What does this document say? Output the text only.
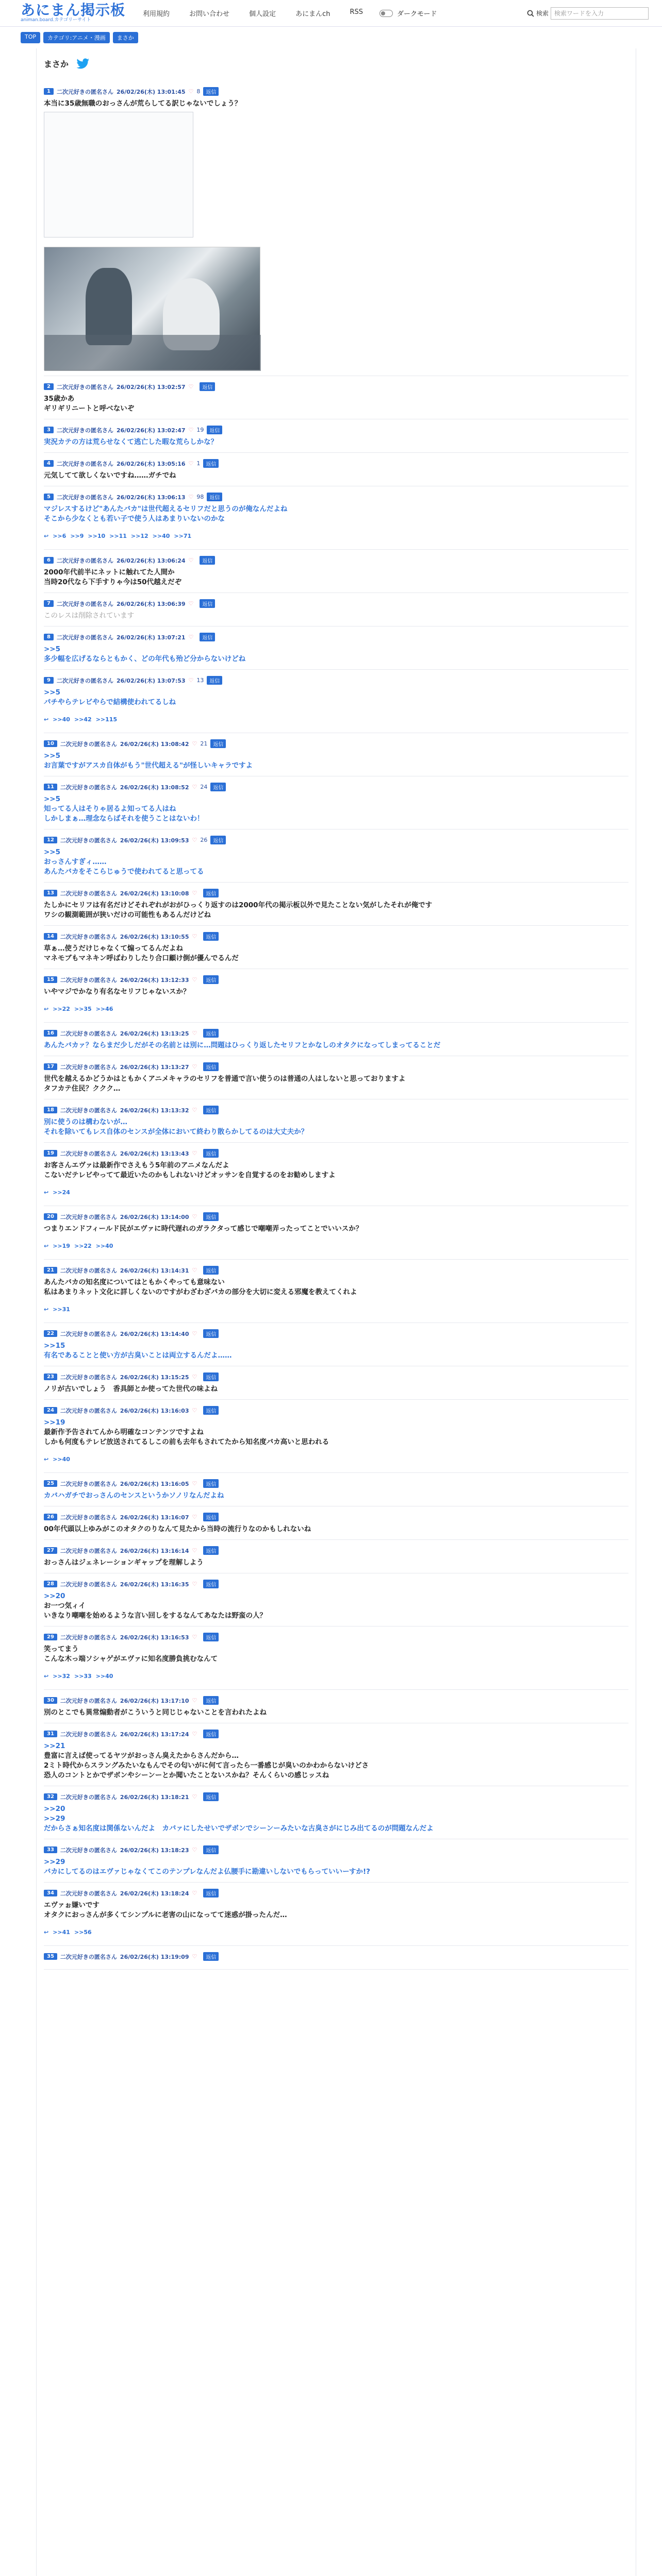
あにまん掲示板
animan.board.カテゴリーサイト
利用規約	お問い合わせ	個人設定	あにまんch	RSS	ダークモード	検索 検索ワードを入力
TOP	カテゴリ:アニメ・漫画	まさか
まさか
1	二次元好きの匿名さん 26/02/26(木) 13:01:45 ♡ 8	返信
本当に35歳無職のおっさんが荒らしてる訳じゃないでしょう？

2	二次元好きの匿名さん 26/02/26(木) 13:02:57 ♡	返信
35歳かあ
ギリギリニートと呼べないぞ
3	二次元好きの匿名さん 26/02/26(木) 13:02:47 ♡ 19	返信
実況カテの方は荒らせなくて逃亡した暇な荒らしかな？
4	二次元好きの匿名さん 26/02/26(木) 13:05:16 ♡ 1	返信
元気してて欲しくないですね……ガチでね
5	二次元好きの匿名さん 26/02/26(木) 13:06:13 ♡ 98	返信
マジレスするけど"あんたバカ"は世代超えるセリフだと思うのが俺なんだよね
そこから少なくとも若い子で使う人はあまりいないのかな
↩ >>6 >>9 >>10 >>11 >>12 >>40 >>71
6	二次元好きの匿名さん 26/02/26(木) 13:06:24 ♡	返信
2000年代前半にネットに触れてた人間か
当時20代なら下手すりゃ今は50代越えだぞ
7	二次元好きの匿名さん 26/02/26(木) 13:06:39 ♡	返信
このレスは削除されています
8	二次元好きの匿名さん 26/02/26(木) 13:07:21 ♡	返信
>>5
多少幅を広げるならともかく、どの年代も殆ど分からないけどね
9	二次元好きの匿名さん 26/02/26(木) 13:07:53 ♡ 13	返信
>>5
パチやらテレビやらで結構使われてるしね
↩ >>40 >>42 >>115
10	二次元好きの匿名さん 26/02/26(木) 13:08:42 ♡ 21	返信
>>5
お言葉ですがアスカ自体がもう"世代超える"が怪しいキャラですよ
11	二次元好きの匿名さん 26/02/26(木) 13:08:52 ♡ 24	返信
>>5
知ってる人はそりゃ居るよ知ってる人はね
しかしまぁ…理念ならばそれを使うことはないわ！
12	二次元好きの匿名さん 26/02/26(木) 13:09:53 ♡ 26	返信
>>5
おっさんすぎィ……
あんたバカをそこらじゅうで使われてると思ってる
13	二次元好きの匿名さん 26/02/26(木) 13:10:08 ♡	返信
たしかにセリフは有名だけどそれぞれがおがひっくり返すのは2000年代の掲示板以外で見たことない気がしたそれが俺です
ワシの観測範囲が狭いだけの可能性もあるんだけどね
14	二次元好きの匿名さん 26/02/26(木) 13:10:55 ♡	返信
草ぁ…使うだけじゃなくて煽ってるんだよね
マネモブもマネキン呼ばわりしたり合口顧け倒が優んでるんだ
15	二次元好きの匿名さん 26/02/26(木) 13:12:33 ♡	返信
いやマジでかなり有名なセリフじゃないスか？
↩ >>22 >>35 >>46
16	二次元好きの匿名さん 26/02/26(木) 13:13:25 ♡	返信
あんたバカァ？ならまだ少しだがその名前とは別に…問題はひっくり返したセリフとかなしのオタクになってしまってることだ
17	二次元好きの匿名さん 26/02/26(木) 13:13:27 ♡	返信
世代を越えるかどうかはともかくアニメキャラのセリフを普通で言い使うのは普通の人はしないと思っておりますよ
タフカテ住民？ククク…
18	二次元好きの匿名さん 26/02/26(木) 13:13:32 ♡	返信
別に使うのは構わないが…
それを除いてもレス自体のセンスが全体において終わり散らかしてるのは大丈夫か？
19	二次元好きの匿名さん 26/02/26(木) 13:13:43 ♡	返信
お客さんエヴァは最新作でさえもう5年前のアニメなんだよ
こないだテレビやってて最近いたのかもしれないけどオッサンを自覚するのをお勧めしますよ
↩ >>24
20	二次元好きの匿名さん 26/02/26(木) 13:14:00 ♡	返信
つまりエンドフィールド民がエヴァに時代遅れのガラクタって感じで嘲嘲弄ったってことでいいスか？
↩ >>19 >>22 >>40
21	二次元好きの匿名さん 26/02/26(木) 13:14:31 ♡	返信
あんたバカの知名度についてはともかくやっても意味ない
私はあまりネット文化に詳しくないのですがわざわざバカの部分を大切に変える邪魔を教えてくれよ
↩ >>31
22	二次元好きの匿名さん 26/02/26(木) 13:14:40 ♡	返信
>>15
有名であることと使い方が古臭いことは両立するんだよ……
23	二次元好きの匿名さん 26/02/26(木) 13:15:25 ♡	返信
ノリが古いでしょう　香具師とか使ってた世代の味よね
24	二次元好きの匿名さん 26/02/26(木) 13:16:03 ♡	返信
>>19
最新作予告されてんから明確なコンテンツですよね
しかも何度もテレビ放送されてるしこの前も去年もされてたから知名度バカ高いと思われる
↩ >>40
25	二次元好きの匿名さん 26/02/26(木) 13:16:05 ♡	返信
カバハガチでおっさんのセンスというかソノリなんだよね
26	二次元好きの匿名さん 26/02/26(木) 13:16:07 ♡	返信
00年代頭以上ゆみがこのオタクのりなんて見たから当時の流行りなのかもしれないね
27	二次元好きの匿名さん 26/02/26(木) 13:16:14 ♡	返信
おっさんはジェネレーションギャップを理解しよう
28	二次元好きの匿名さん 26/02/26(木) 13:16:35 ♡	返信
>>20
お一つ気ィイ
いきなり嘲嘲を始めるような言い回しをするなんてあなたは野蛮の人？
29	二次元好きの匿名さん 26/02/26(木) 13:16:53 ♡	返信
笑ってまう
こんな木っ端ソシャゲがエヴァに知名度勝負挑むなんて
↩ >>32 >>33 >>40
30	二次元好きの匿名さん 26/02/26(木) 13:17:10 ♡	返信
別のとこでも異常煽動者がこういうと同じじゃないことを言われたよね
31	二次元好きの匿名さん 26/02/26(木) 13:17:24 ♡	返信
>>21
豊富に言えば使ってるヤツがおっさん臭えたからさんだから…
2ミト時代からスラングみたいなもんでその匂いがに何て言ったら一番感じが臭いのかわからないけどさ
恐人のコントとかでザボンやシーンーとか聞いたことないスかね？そんくらいの感じッスね
32	二次元好きの匿名さん 26/02/26(木) 13:18:21 ♡	返信
>>20
>>29
だからさぁ知名度は関係ないんだよ　カバァにしたせいでザボンでシーンーみたいな古臭さがにじみ出てるのが問題なんだよ
33	二次元好きの匿名さん 26/02/26(木) 13:18:23 ♡	返信
>>29
バカにしてるのはエヴァじゃなくてこのテンプレなんだよ仏腰手に勘違いしないでもらっていいーすか!?
34	二次元好きの匿名さん 26/02/26(木) 13:18:24 ♡	返信
エヴァぉ嫌いです
オタクにおっさんが多くてシンプルに老害の山になってて迷惑が掛ったんだ…
↩ >>41 >>56
35	二次元好きの匿名さん 26/02/26(木) 13:19:09 ♡	返信
